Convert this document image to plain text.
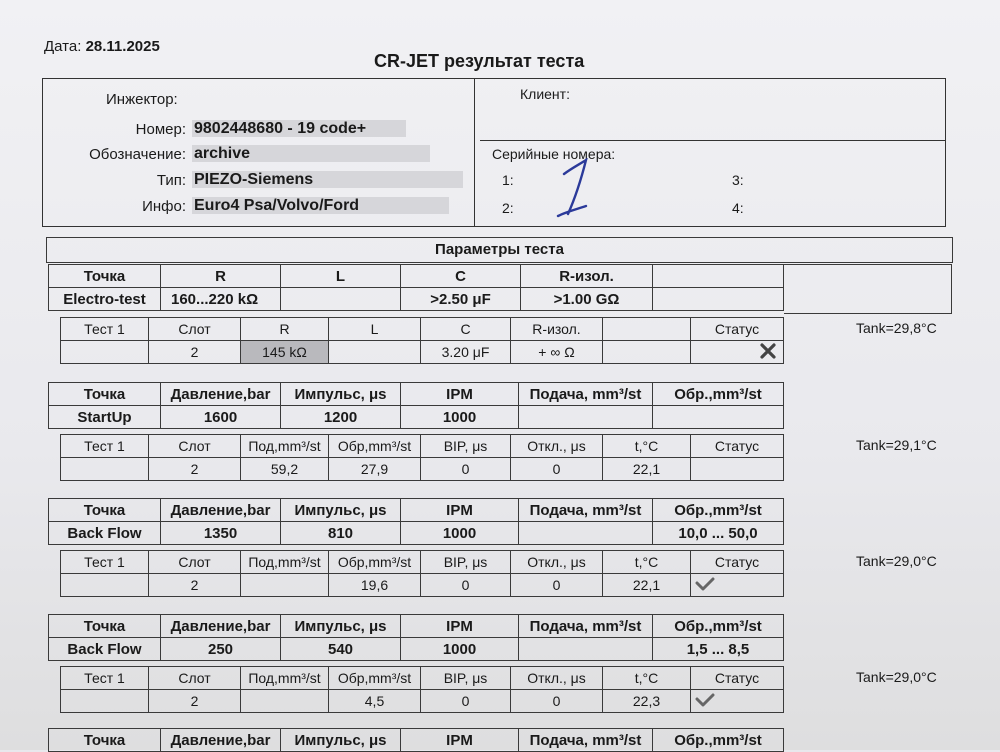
Дата: 28.11.2025
CR-JET результат теста
Инжектор:
Номер: 9802448680 - 19 code+
Обозначение: archive
Тип: PIEZO-Siemens
Инфо: Euro4 Psa/Volvo/Ford
Клиент:
Серийные номера:
1:
2:
3:
4:
Параметры теста
Точка	R	L	C	R-изол.	
Electro-test	160...220 kΩ		>2.50 μF	>1.00 GΩ	
Тест 1	Слот	R	L	C	R-изол.		Статус
	2	145 kΩ		3.20 μF	+ ∞ Ω		
Tank=29,8°C
Точка	Давление,bar	Импульс, μs	IPM	Подача, mm³/st	Обр.,mm³/st
StartUp	1600	1200	1000		
Тест 1	Слот	Под,mm³/st	Обр,mm³/st	BIP, μs	Откл., μs	t,°C	Статус
	2	59,2	27,9	0	0	22,1	
Tank=29,1°C
Точка	Давление,bar	Импульс, μs	IPM	Подача, mm³/st	Обр.,mm³/st
Back Flow	1350	810	1000		10,0 ... 50,0
Тест 1	Слот	Под,mm³/st	Обр,mm³/st	BIP, μs	Откл., μs	t,°C	Статус
	2		19,6	0	0	22,1	
Tank=29,0°C
Точка	Давление,bar	Импульс, μs	IPM	Подача, mm³/st	Обр.,mm³/st
Back Flow	250	540	1000		1,5 ... 8,5
Тест 1	Слот	Под,mm³/st	Обр,mm³/st	BIP, μs	Откл., μs	t,°C	Статус
	2		4,5	0	0	22,3	
Tank=29,0°C
Точка	Давление,bar	Импульс, μs	IPM	Подача, mm³/st	Обр.,mm³/st
